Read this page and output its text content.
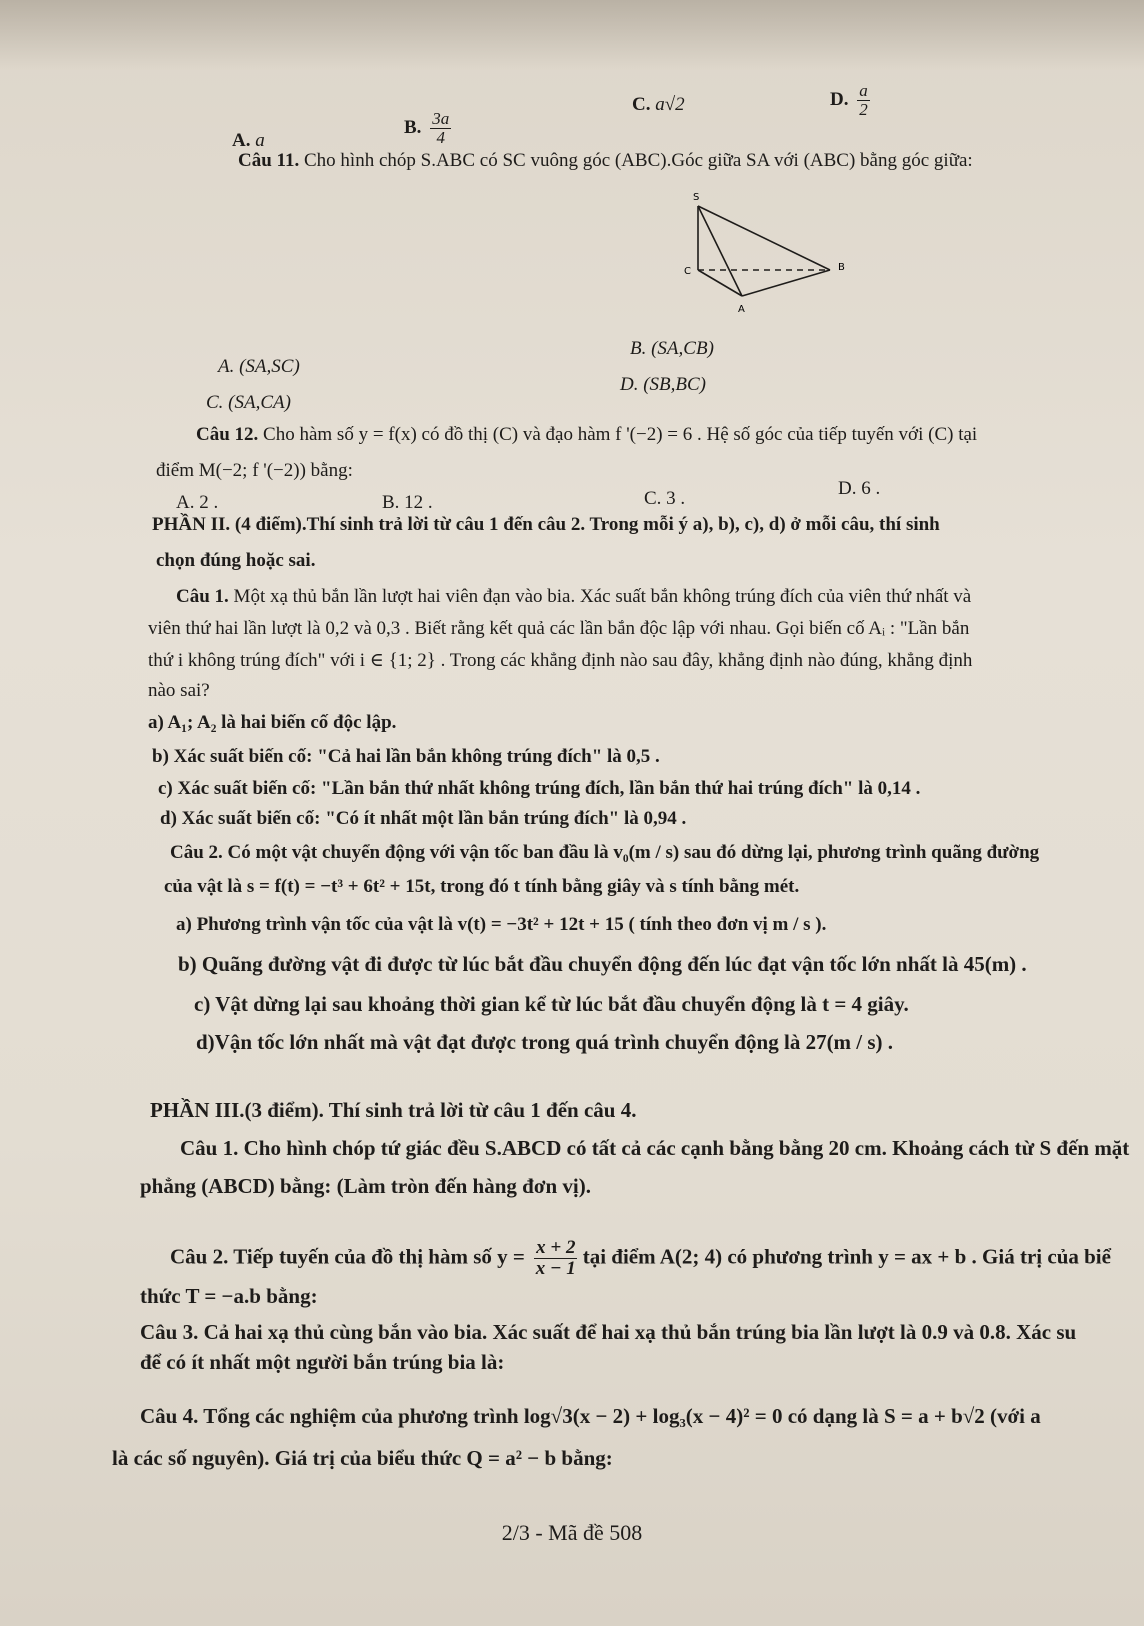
A. a
B. $\frac{3a}{4}$
C. a√2	D. $\frac{a}{2}$
Câu 11. Cho hình chóp S.ABC có SC vuông góc (ABC).Góc giữa SA với (ABC) bằng góc giữa:
S
C	B
A
A. (SA,SC)
B. (SA,CB)
C. (SA,CA)
D. (SB,BC)
Câu 12. Cho hàm số y = f(x) có đồ thị (C) và đạo hàm f '(−2) = 6 . Hệ số góc của tiếp tuyến với (C) tại
điểm M(−2; f '(−2)) bằng:
A. 2 .	B. 12 .	C. 3 .	D. 6 .
PHẦN II. (4 điểm).Thí sinh trả lời từ câu 1 đến câu 2. Trong mỗi ý a), b), c), d) ở mỗi câu, thí sinh
chọn đúng hoặc sai.
Câu 1. Một xạ thủ bắn lần lượt hai viên đạn vào bia. Xác suất bắn không trúng đích của viên thứ nhất và
viên thứ hai lần lượt là 0,2 và 0,3 . Biết rằng kết quả các lần bắn độc lập với nhau. Gọi biến cố Aᵢ : "Lần bắn
thứ i không trúng đích" với i ∈ {1; 2} . Trong các khẳng định nào sau đây, khẳng định nào đúng, khẳng định
nào sai?
a) A₁; A₂ là hai biến cố độc lập.
b) Xác suất biến cố: "Cả hai lần bắn không trúng đích" là 0,5 .
c) Xác suất biến cố: "Lần bắn thứ nhất không trúng đích, lần bắn thứ hai trúng đích" là 0,14 .
d) Xác suất biến cố: "Có ít nhất một lần bắn trúng đích" là 0,94 .
Câu 2. Có một vật chuyển động với vận tốc ban đầu là v₀(m / s) sau đó dừng lại, phương trình quãng đường
của vật là s = f(t) = −t³ + 6t² + 15t, trong đó t tính bằng giây và s tính bằng mét.
a) Phương trình vận tốc của vật là v(t) = −3t² + 12t + 15 ( tính theo đơn vị m / s ).
b) Quãng đường vật đi được từ lúc bắt đầu chuyển động đến lúc đạt vận tốc lớn nhất là 45(m) .
c) Vật dừng lại sau khoảng thời gian kể từ lúc bắt đầu chuyển động là t = 4 giây.
d)Vận tốc lớn nhất mà vật đạt được trong quá trình chuyển động là 27(m / s) .
PHẦN III.(3 điểm). Thí sinh trả lời từ câu 1 đến câu 4.
Câu 1. Cho hình chóp tứ giác đều S.ABCD có tất cả các cạnh bằng bằng 20 cm. Khoảng cách từ S đến mặt
phẳng (ABCD) bằng: (Làm tròn đến hàng đơn vị).
Câu 2. Tiếp tuyến của đồ thị hàm số $y = \frac{x + 2}{x - 1}$ tại điểm A(2; 4) có phương trình y = ax + b . Giá trị của biể
thức T = −a.b bằng:
Câu 3. Cả hai xạ thủ cùng bắn vào bia. Xác suất để hai xạ thủ bắn trúng bia lần lượt là 0.9 và 0.8. Xác su
để có ít nhất một người bắn trúng bia là:
Câu 4. Tổng các nghiệm của phương trình log√3(x − 2) + log₃(x − 4)² = 0 có dạng là S = a + b√2 (với a
là các số nguyên). Giá trị của biểu thức Q = a² − b bằng:
2/3 - Mã đề 508
